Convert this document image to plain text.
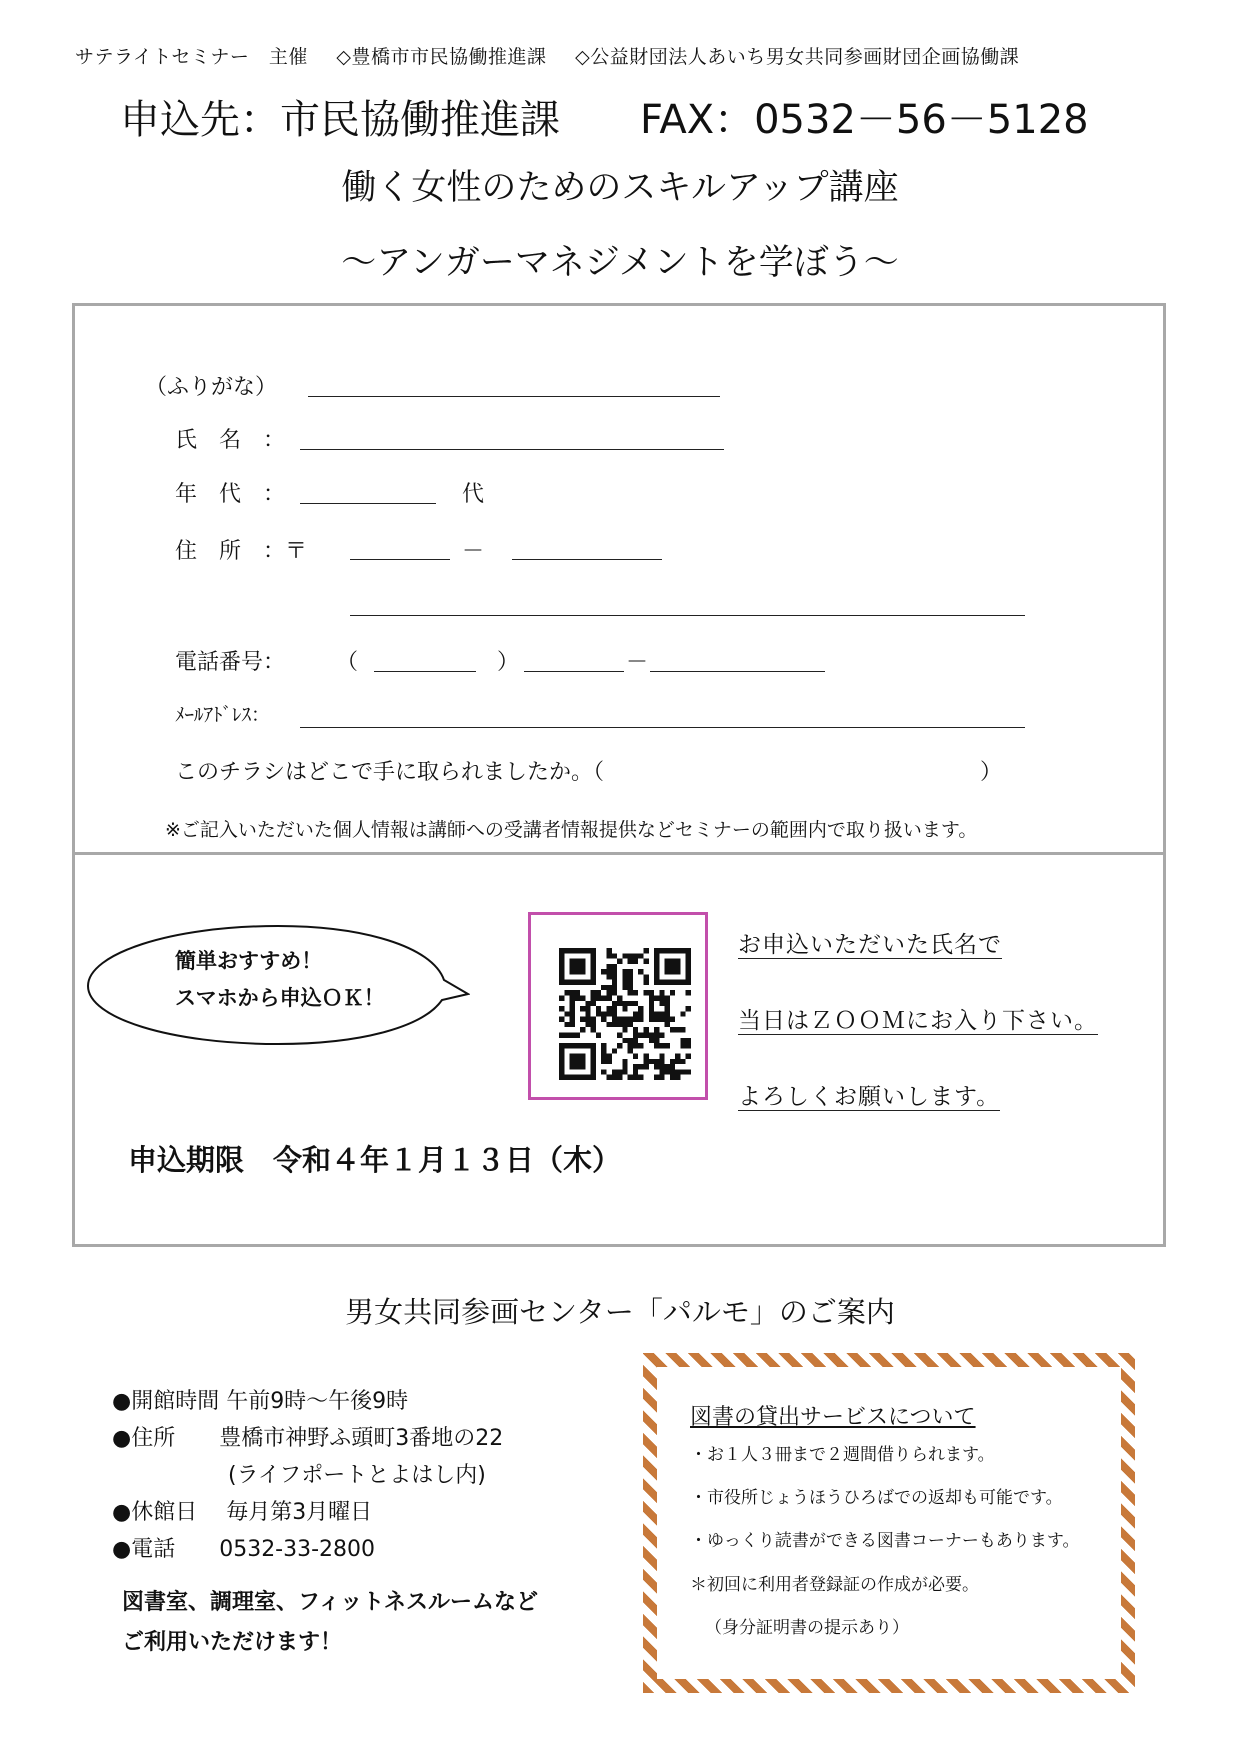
サテライトセミナー　主催 ◇豊橋市市民協働推進課 ◇公益財団法人あいち男女共同参画財団企画協働課
申込先：市民協働推進課 FAX：0532－56－5128
働く女性のためのスキルアップ講座
～アンガーマネジメントを学ぼう～
（ふりがな）
氏　名　：
年　代　：	代
住　所　：〒	－
電話番号： （	）	－
ﾒｰﾙｱﾄﾞﾚｽ：
このチラシはどこで手に取られましたか。（	）
※ご記入いただいた個人情報は講師への受講者情報提供などセミナーの範囲内で取り扱います。
簡単おすすめ！
スマホから申込ＯＫ！
お申込いただいた氏名で
当日はＺＯＯＭにお入り下さい。
よろしくお願いします。
申込期限　令和４年１月１３日（木）
男女共同参画センター「パルモ」のご案内
●開館時間 午前9時～午後9時
●住所　　豊橋市神野ふ頭町3番地の22
(ライフポートとよはし内)
●休館日　 毎月第3月曜日
●電話　　0532-33-2800
図書室、調理室、フィットネスルームなど
ご利用いただけます！
図書の貸出サービスについて
・お１人３冊まで２週間借りられます。
・市役所じょうほうひろばでの返却も可能です。
・ゆっくり読書ができる図書コーナーもあります。
＊初回に利用者登録証の作成が必要。
（身分証明書の提示あり）
